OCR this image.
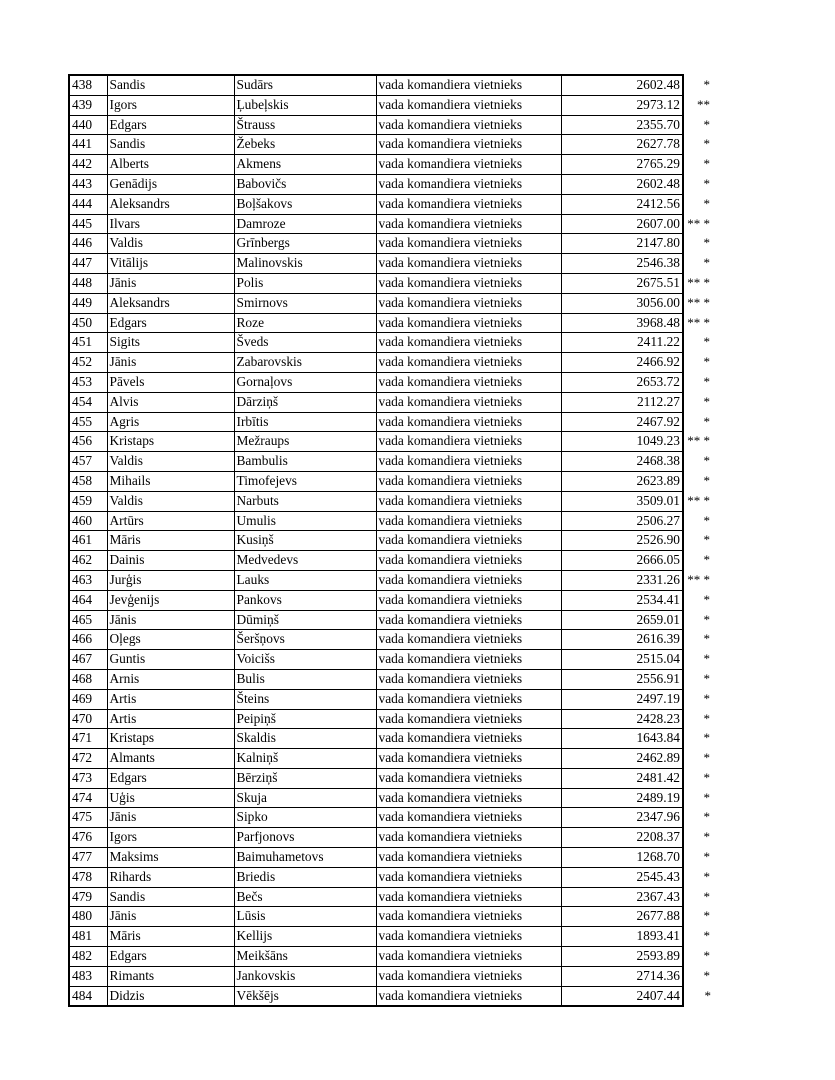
438	Sandis	Sudārs	vada komandiera vietnieks	2602.48	*
439	Igors	Ļubeļskis	vada komandiera vietnieks	2973.12	**
440	Edgars	Štrauss	vada komandiera vietnieks	2355.70	*
441	Sandis	Žebeks	vada komandiera vietnieks	2627.78	*
442	Alberts	Akmens	vada komandiera vietnieks	2765.29	*
443	Genādijs	Babovičs	vada komandiera vietnieks	2602.48	*
444	Aleksandrs	Boļšakovs	vada komandiera vietnieks	2412.56	*
445	Ilvars	Damroze	vada komandiera vietnieks	2607.00	** *
446	Valdis	Grīnbergs	vada komandiera vietnieks	2147.80	*
447	Vitālijs	Malinovskis	vada komandiera vietnieks	2546.38	*
448	Jānis	Polis	vada komandiera vietnieks	2675.51	** *
449	Aleksandrs	Smirnovs	vada komandiera vietnieks	3056.00	** *
450	Edgars	Roze	vada komandiera vietnieks	3968.48	** *
451	Sigits	Šveds	vada komandiera vietnieks	2411.22	*
452	Jānis	Zabarovskis	vada komandiera vietnieks	2466.92	*
453	Pāvels	Gornaļovs	vada komandiera vietnieks	2653.72	*
454	Alvis	Dārziņš	vada komandiera vietnieks	2112.27	*
455	Agris	Irbītis	vada komandiera vietnieks	2467.92	*
456	Kristaps	Mežraups	vada komandiera vietnieks	1049.23	** *
457	Valdis	Bambulis	vada komandiera vietnieks	2468.38	*
458	Mihails	Timofejevs	vada komandiera vietnieks	2623.89	*
459	Valdis	Narbuts	vada komandiera vietnieks	3509.01	** *
460	Artūrs	Umulis	vada komandiera vietnieks	2506.27	*
461	Māris	Kusiņš	vada komandiera vietnieks	2526.90	*
462	Dainis	Medvedevs	vada komandiera vietnieks	2666.05	*
463	Jurģis	Lauks	vada komandiera vietnieks	2331.26	** *
464	Jevģenijs	Pankovs	vada komandiera vietnieks	2534.41	*
465	Jānis	Dūmiņš	vada komandiera vietnieks	2659.01	*
466	Oļegs	Šeršņovs	vada komandiera vietnieks	2616.39	*
467	Guntis	Voicišs	vada komandiera vietnieks	2515.04	*
468	Arnis	Bulis	vada komandiera vietnieks	2556.91	*
469	Artis	Šteins	vada komandiera vietnieks	2497.19	*
470	Artis	Peipiņš	vada komandiera vietnieks	2428.23	*
471	Kristaps	Skaldis	vada komandiera vietnieks	1643.84	*
472	Almants	Kalniņš	vada komandiera vietnieks	2462.89	*
473	Edgars	Bērziņš	vada komandiera vietnieks	2481.42	*
474	Uģis	Skuja	vada komandiera vietnieks	2489.19	*
475	Jānis	Sipko	vada komandiera vietnieks	2347.96	*
476	Igors	Parfjonovs	vada komandiera vietnieks	2208.37	*
477	Maksims	Baimuhametovs	vada komandiera vietnieks	1268.70	*
478	Rihards	Briedis	vada komandiera vietnieks	2545.43	*
479	Sandis	Bečs	vada komandiera vietnieks	2367.43	*
480	Jānis	Lūsis	vada komandiera vietnieks	2677.88	*
481	Māris	Kellijs	vada komandiera vietnieks	1893.41	*
482	Edgars	Meikšāns	vada komandiera vietnieks	2593.89	*
483	Rimants	Jankovskis	vada komandiera vietnieks	2714.36	*
484	Didzis	Vēkšējs	vada komandiera vietnieks	2407.44	*
